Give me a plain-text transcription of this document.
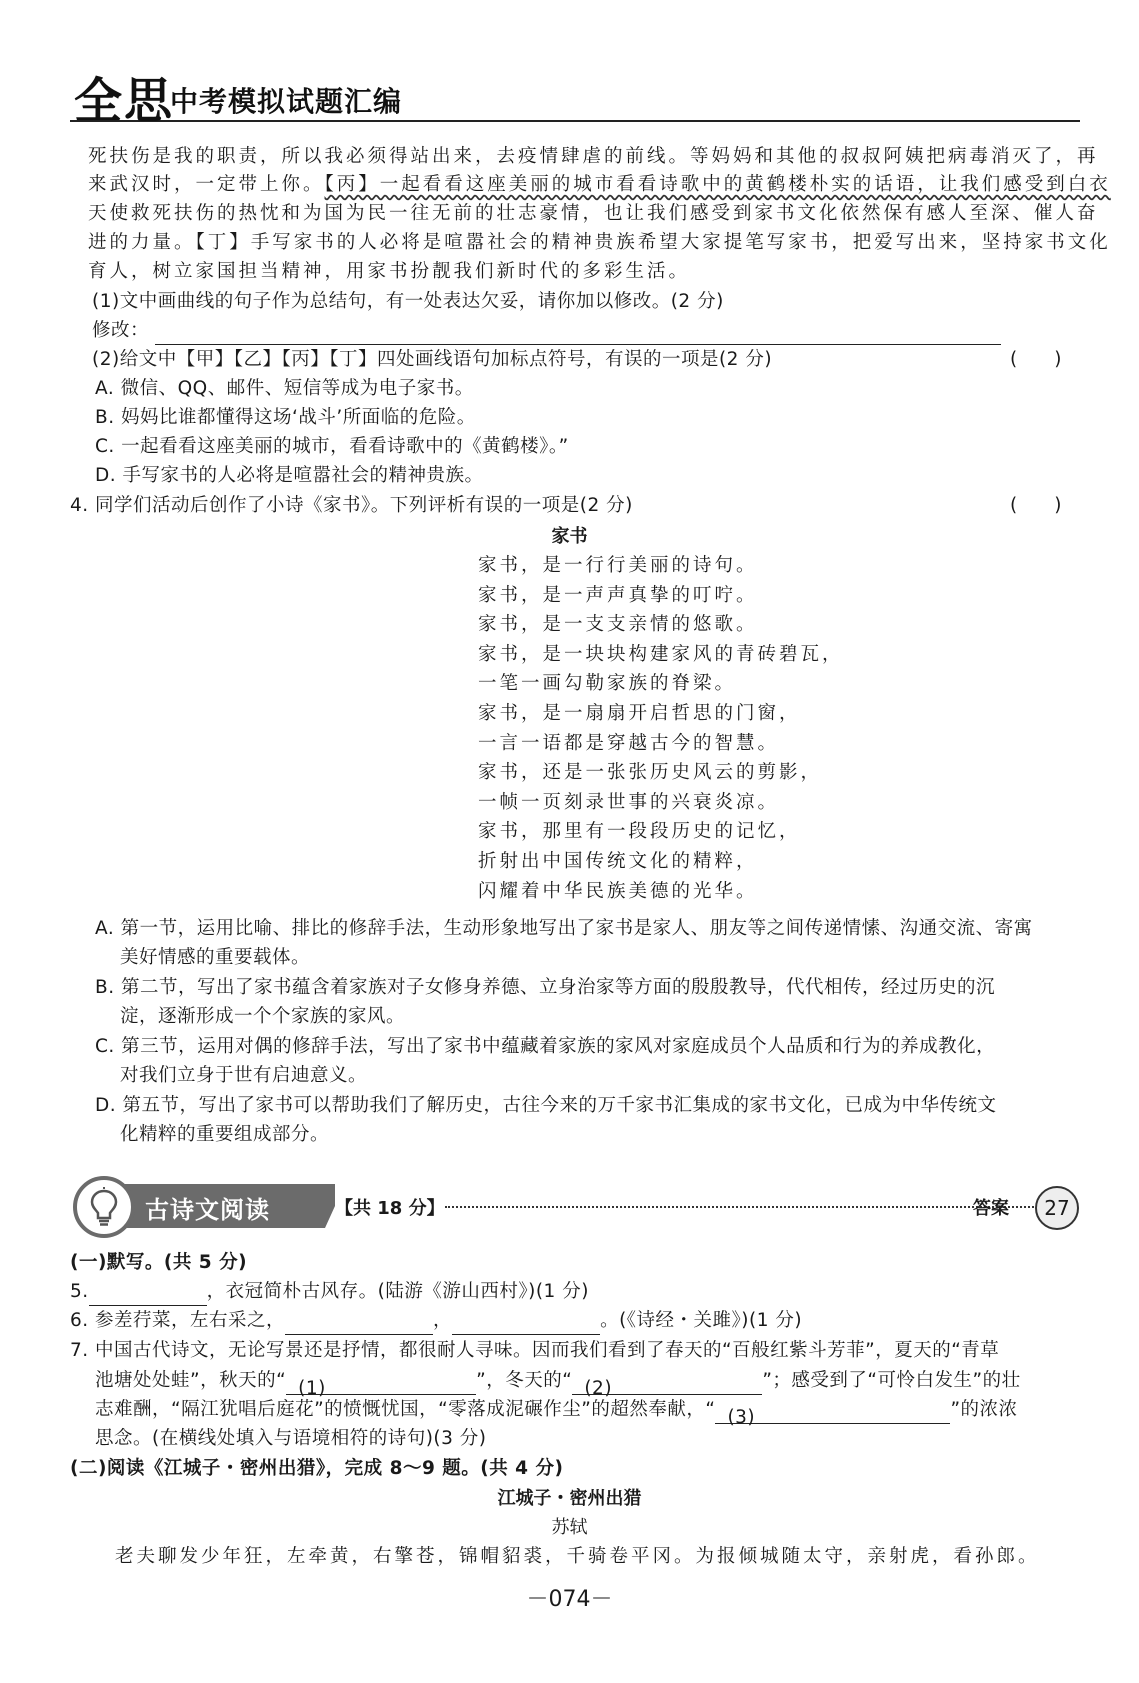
全思
中考模拟试题汇编
死扶伤是我的职责，所以我必须得站出来，去疫情肆虐的前线。等妈妈和其他的叔叔阿姨把病毒消灭了，再
来武汉时，一定带上你。【丙】一起看看这座美丽的城市看看诗歌中的黄鹤楼朴实的话语，让我们感受到白衣
天使救死扶伤的热忱和为国为民一往无前的壮志豪情，也让我们感受到家书文化依然保有感人至深、催人奋
进的力量。【丁】手写家书的人必将是喧嚣社会的精神贵族希望大家提笔写家书，把爱写出来，坚持家书文化
育人，树立家国担当精神，用家书扮靓我们新时代的多彩生活。
(1)文中画曲线的句子作为总结句，有一处表达欠妥，请你加以修改。(2 分)
修改：
(2)给文中【甲】【乙】【丙】【丁】四处画线语句加标点符号，有误的一项是(2 分)	(　　)
A. 微信、QQ、邮件、短信等成为电子家书。
B. 妈妈比谁都懂得这场‘战斗’所面临的危险。
C. 一起看看这座美丽的城市，看看诗歌中的《黄鹤楼》。”
D. 手写家书的人必将是喧嚣社会的精神贵族。
4. 同学们活动后创作了小诗《家书》。下列评析有误的一项是(2 分)	(　　)
家书
家书，是一行行美丽的诗句。
家书，是一声声真挚的叮咛。
家书，是一支支亲情的悠歌。
家书，是一块块构建家风的青砖碧瓦，
一笔一画勾勒家族的脊梁。
家书，是一扇扇开启哲思的门窗，
一言一语都是穿越古今的智慧。
家书，还是一张张历史风云的剪影，
一帧一页刻录世事的兴衰炎凉。
家书，那里有一段段历史的记忆，
折射出中国传统文化的精粹，
闪耀着中华民族美德的光华。
A. 第一节，运用比喻、排比的修辞手法，生动形象地写出了家书是家人、朋友等之间传递情愫、沟通交流、寄寓
美好情感的重要载体。
B. 第二节，写出了家书蕴含着家族对子女修身养德、立身治家等方面的殷殷教导，代代相传，经过历史的沉
淀，逐渐形成一个个家族的家风。
C. 第三节，运用对偶的修辞手法，写出了家书中蕴藏着家族的家风对家庭成员个人品质和行为的养成教化，
对我们立身于世有启迪意义。
D. 第五节，写出了家书可以帮助我们了解历史，古往今来的万千家书汇集成的家书文化，已成为中华传统文
化精粹的重要组成部分。
古诗文阅读	【共 18 分】	答案	27
(一)默写。(共 5 分)
5.	，衣冠简朴古风存。(陆游《游山西村》)(1 分)
6. 参差荇菜，左右采之，	，	。(《诗经・关雎》)(1 分)
7. 中国古代诗文，无论写景还是抒情，都很耐人寻味。因而我们看到了春天的“百般红紫斗芳菲”，夏天的“青草
池塘处处蛙”，秋天的“ (1)	”，冬天的“ (2)	”；感受到了“可怜白发生”的壮
志难酬，“隔江犹唱后庭花”的愤慨忧国，“零落成泥碾作尘”的超然奉献，“ (3)	”的浓浓
思念。(在横线处填入与语境相符的诗句)(3 分)
(二)阅读《江城子・密州出猎》，完成 8～9 题。(共 4 分)
江城子・密州出猎
苏轼
老夫聊发少年狂，左牵黄，右擎苍，锦帽貂裘，千骑卷平冈。为报倾城随太守，亲射虎，看孙郎。
－074－
